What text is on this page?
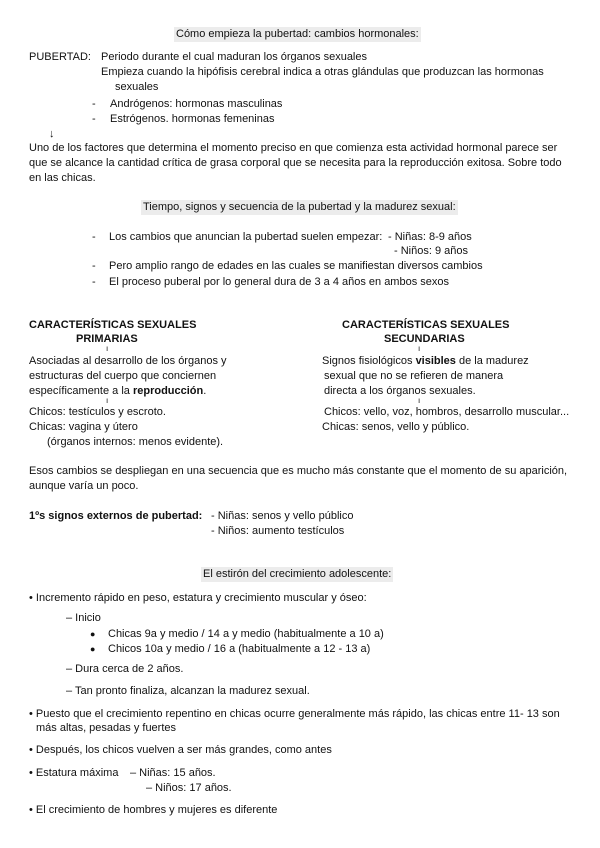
Cómo empieza la pubertad: cambios hormonales:
PUBERTAD: Periodo durante el cual maduran los órganos sexuales
Empieza cuando la hipófisis cerebral indica a otras glándulas que produzcan las hormonas
sexuales
- Andrógenos: hormonas masculinas
- Estrógenos. hormonas femeninas
↓
Uno de los factores que determina el momento preciso en que comienza esta actividad hormonal parece ser
que se alcance la cantidad crítica de grasa corporal que se necesita para la reproducción exitosa. Sobre todo
en las chicas.
Tiempo, signos y secuencia de la pubertad y la madurez sexual:
- Los cambios que anuncian la pubertad suelen empezar: - Niñas: 8-9 años
- Niños: 9 años
- Pero amplio rango de edades en las cuales se manifiestan diversos cambios
- El proceso puberal por lo general dura de 3 a 4 años en ambos sexos
CARACTERÍSTICAS SEXUALES
PRIMARIAS
ı
Asociadas al desarrollo de los órganos y
estructuras del cuerpo que conciernen
específicamente a la reproducción.
ı
Chicos: testículos y escroto.
Chicas: vagina y útero
(órganos internos: menos evidente).
CARACTERÍSTICAS SEXUALES
SECUNDARIAS
ı
Signos fisiológicos visibles de la madurez
sexual que no se refieren de manera
directa a los órganos sexuales.
ı
Chicos: vello, voz, hombros, desarrollo muscular...
Chicas: senos, vello y público.
Esos cambios se despliegan en una secuencia que es mucho más constante que el momento de su aparición,
aunque varía un poco.
1ºs signos externos de pubertad: - Niñas: senos y vello público
- Niños: aumento testículos
El estirón del crecimiento adolescente:
• Incremento rápido en peso, estatura y crecimiento muscular y óseo:
– Inicio
● Chicas 9a y medio / 14 a y medio (habitualmente a 10 a)
● Chicos 10a y medio / 16 a (habitualmente a 12 - 13 a)
– Dura cerca de 2 años.
– Tan pronto finaliza, alcanzan la madurez sexual.
• Puesto que el crecimiento repentino en chicas ocurre generalmente más rápido, las chicas entre 11- 13 son
más altas, pesadas y fuertes
• Después, los chicos vuelven a ser más grandes, como antes
• Estatura máxima – Niñas: 15 años.
– Niños: 17 años.
• El crecimiento de hombres y mujeres es diferente
